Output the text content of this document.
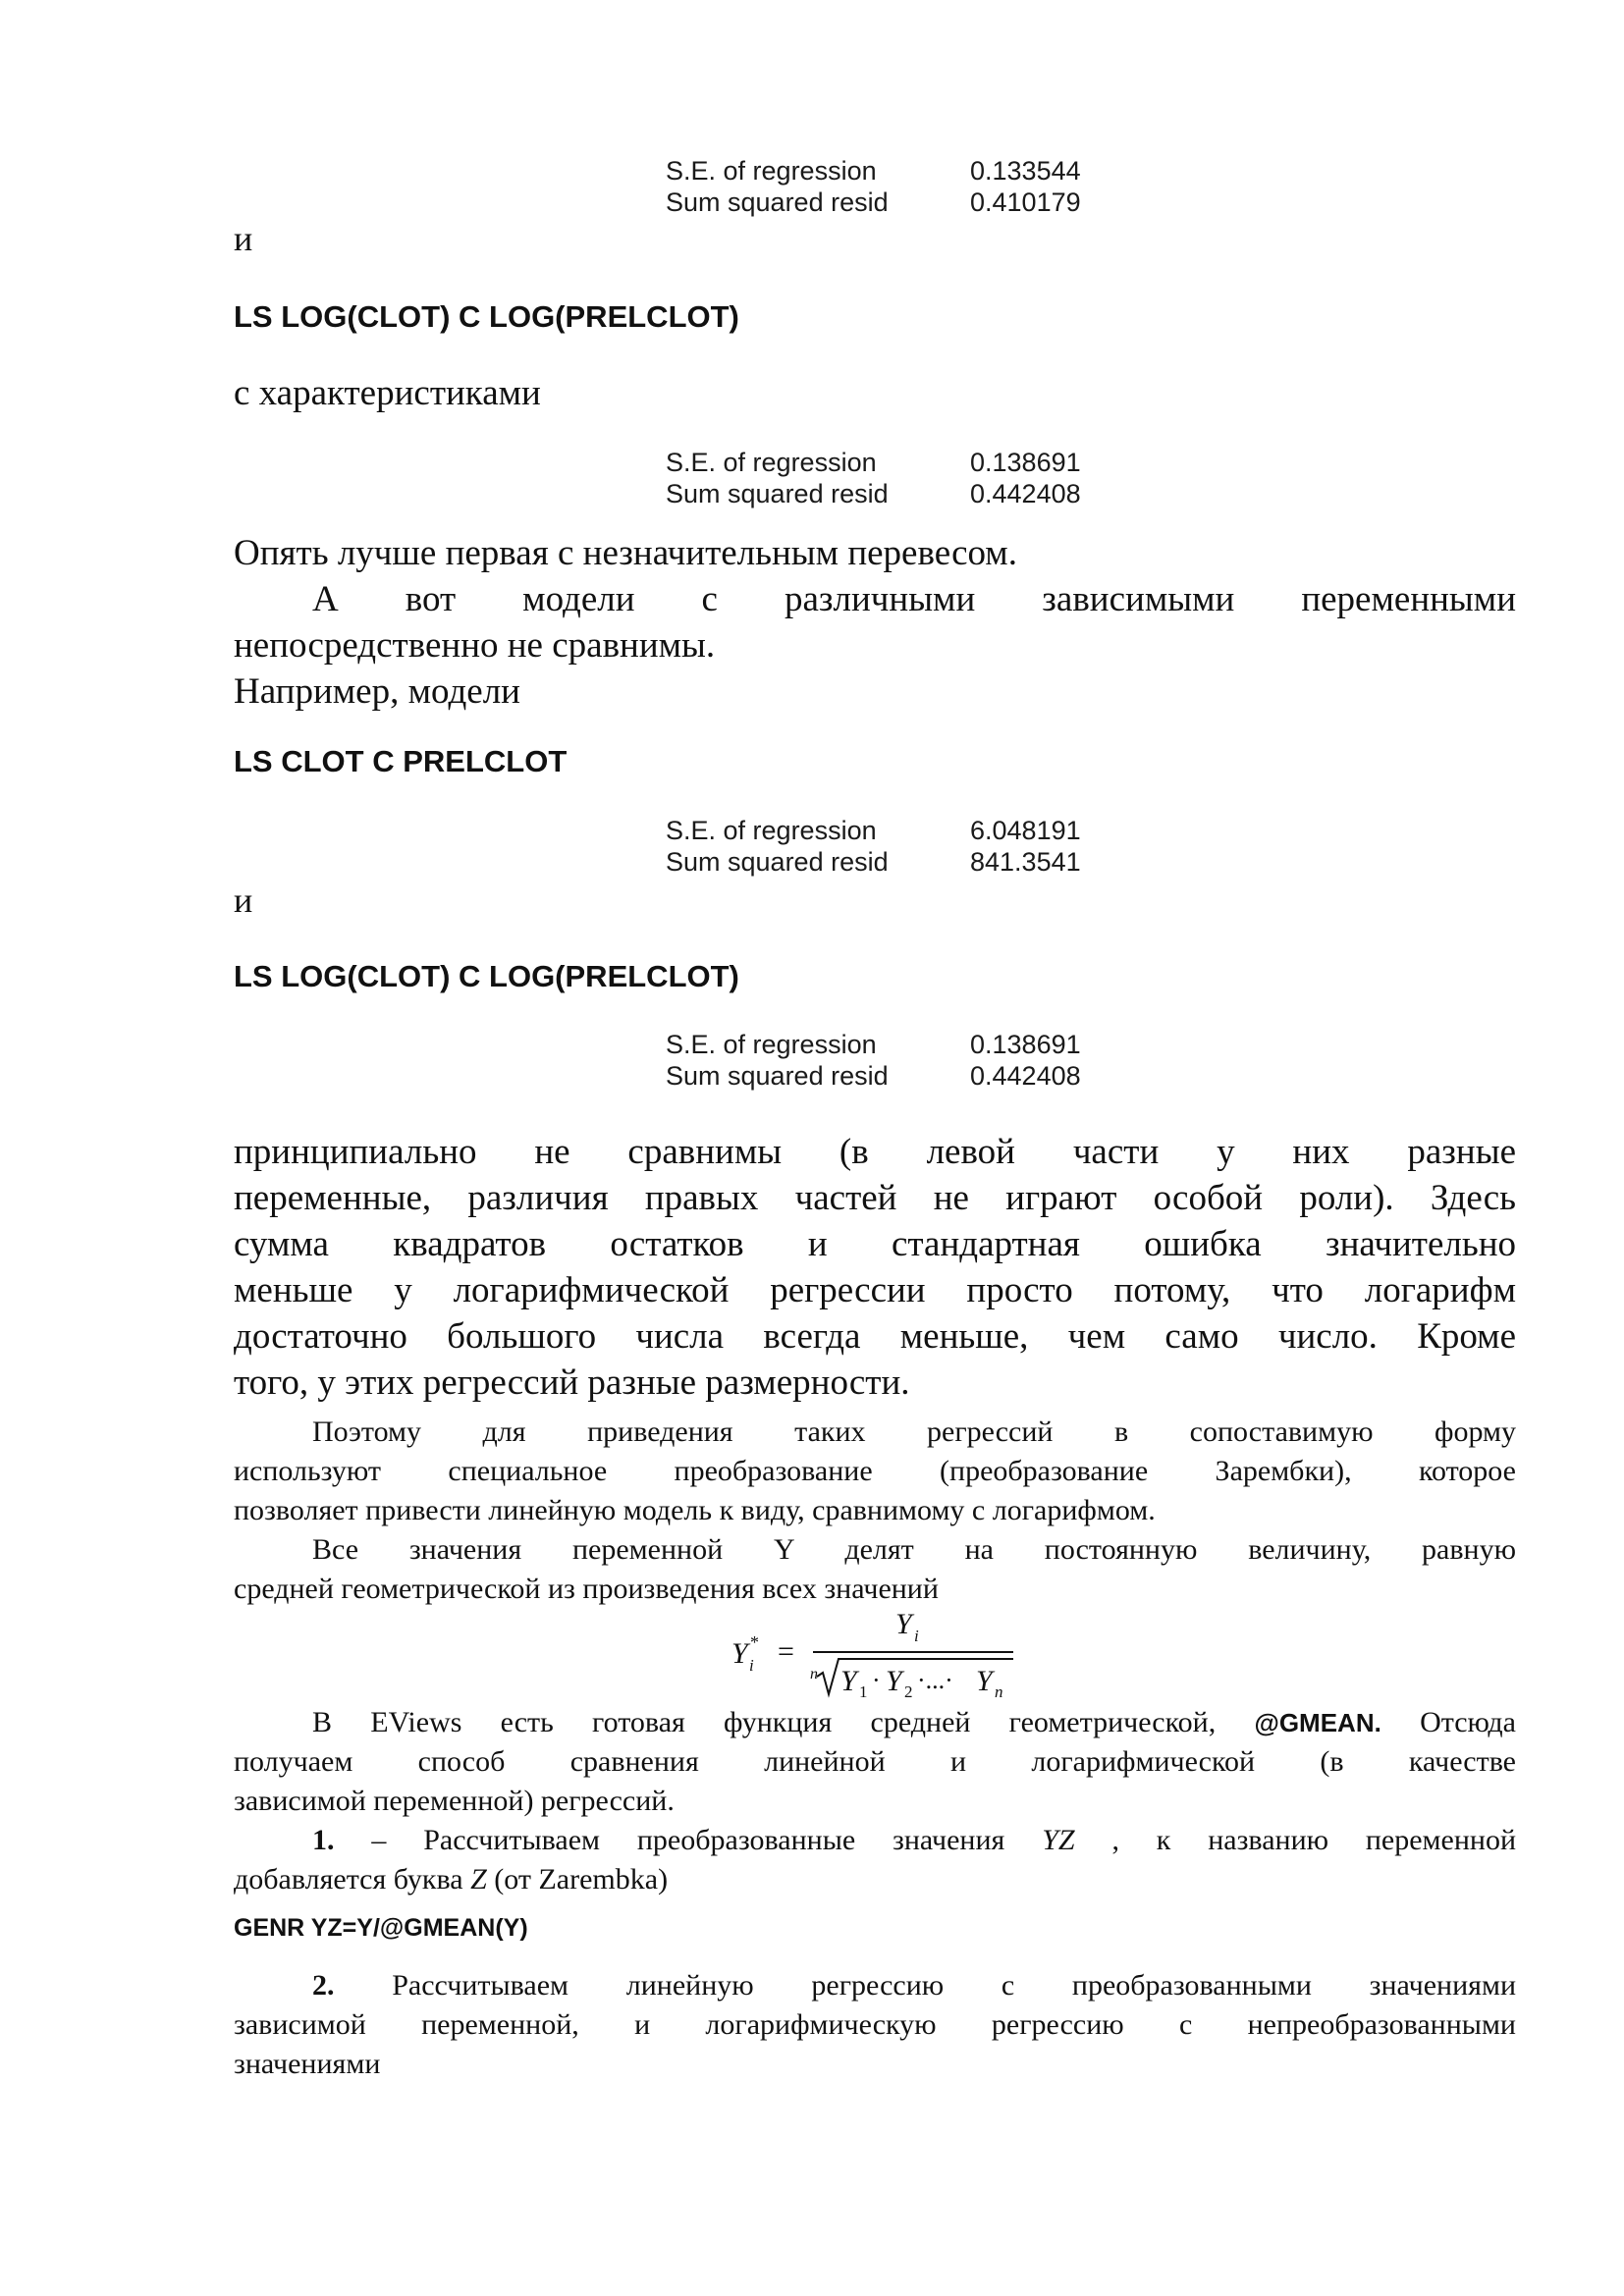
S.E. of regression	0.133544

Sum squared resid	0.410179

и

LS LOG(CLOT) C LOG(PRELCLOT)

с характеристиками

S.E. of regression	0.138691

Sum squared resid	0.442408

Опять лучше первая с незначительным перевесом.

А вот модели с различными зависимыми переменными
непосредственно не сравнимы.

Например, модели

LS CLOT C PRELCLOT

S.E. of regression	6.048191

Sum squared resid	841.3541

и

LS LOG(CLOT) C LOG(PRELCLOT)

S.E. of regression	0.138691

Sum squared resid	0.442408

принципиально не сравнимы (в левой части у них разные
переменные, различия правых частей не играют особой роли). Здесь
сумма квадратов остатков и стандартная ошибка значительно
меньше у логарифмической регрессии просто потому, что логарифм
достаточно большого числа всегда меньше, чем само число. Кроме
того, у этих регрессий разные размерности.
Поэтому для приведения таких регрессий в сопоставимую форму
используют специальное преобразование (преобразование Зарембки), которое
позволяет привести линейную модель к виду, сравнимому с логарифмом.
Все значения переменной Y делят на постоянную величину, равную
средней геометрической из произведения всех значений
Y i
* =
Y i
n Y 1 · Y 2 ·...· Y n
В EViews есть готовая функция средней геометрической, @GMEAN. Отсюда
получаем способ сравнения линейной и логарифмической (в качестве
зависимой переменной) регрессий.
1. – Рассчитываем преобразованные значения YZ , к названию переменной
добавляется буква Z (от Zarembka)

GENR YZ=Y/@GMEAN(Y)

2. Рассчитываем линейную регрессию с преобразованными значениями
зависимой переменной, и логарифмическую регрессию с непреобразованными
значениями
